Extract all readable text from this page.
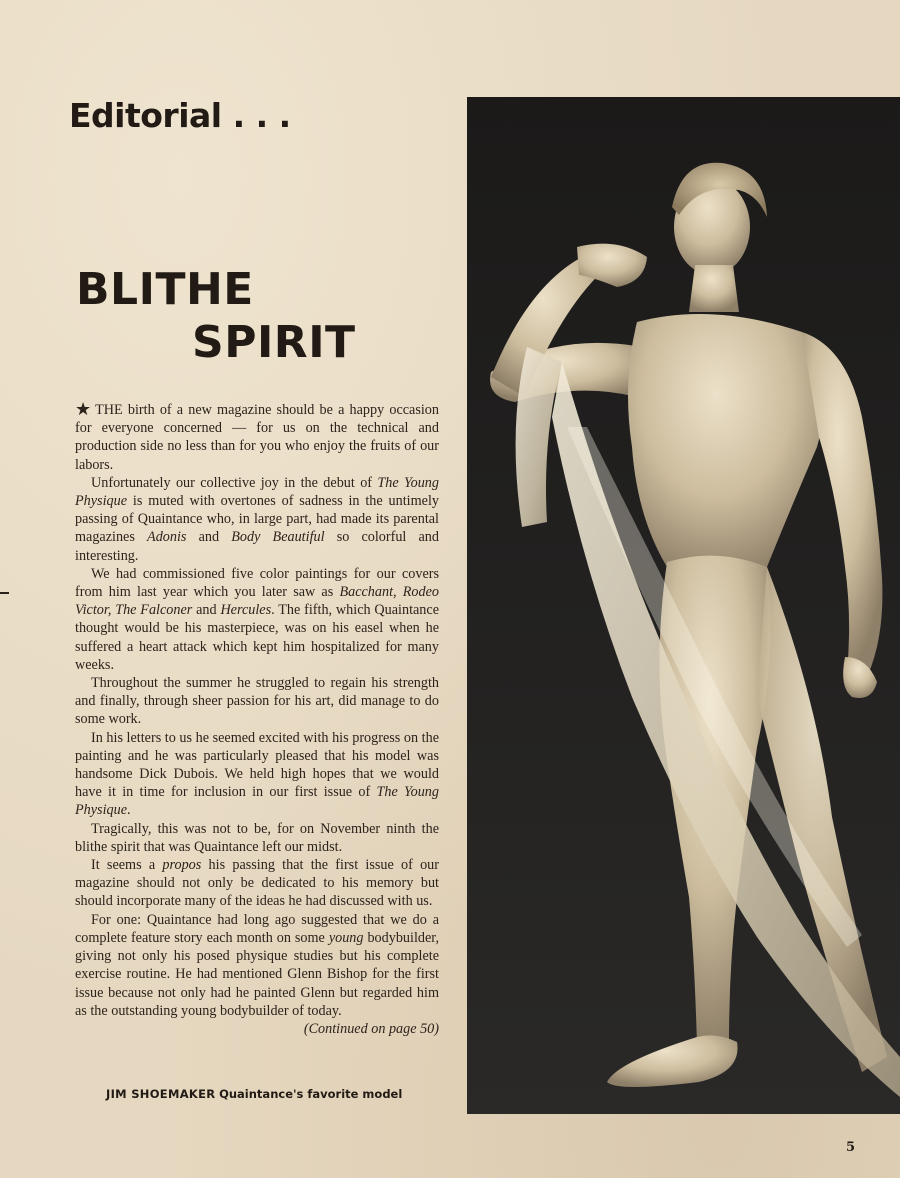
Editorial . . .
BLITHE
SPIRIT

★ THE birth of a new magazine should be a happy occasion for everyone concerned — for us on the technical and production side no less than for you who enjoy the fruits of our labors.

Unfortunately our collective joy in the debut of The Young Physique is muted with overtones of sadness in the untimely passing of Quaintance who, in large part, had made its parental magazines Adonis and Body Beautiful so colorful and interesting.

We had commissioned five color paintings for our covers from him last year which you later saw as Bacchant, Rodeo Victor, The Falconer and Hercules. The fifth, which Quaintance thought would be his masterpiece, was on his easel when he suffered a heart attack which kept him hospitalized for many weeks.

Throughout the summer he struggled to regain his strength and finally, through sheer passion for his art, did manage to do some work.

In his letters to us he seemed excited with his progress on the painting and he was particularly pleased that his model was handsome Dick Dubois. We held high hopes that we would have it in time for inclusion in our first issue of The Young Physique.

Tragically, this was not to be, for on November ninth the blithe spirit that was Quaintance left our midst.

It seems a propos his passing that the first issue of our magazine should not only be dedicated to his memory but should incorporate many of the ideas he had discussed with us.

For one: Quaintance had long ago suggested that we do a complete feature story each month on some young bodybuilder, giving not only his posed physique studies but his complete exercise routine. He had mentioned Glenn Bishop for the first issue because not only had he painted Glenn but regarded him as the outstanding young bodybuilder of today.
(Continued on page 50)

JIM SHOEMAKER Quaintance's favorite model
5
